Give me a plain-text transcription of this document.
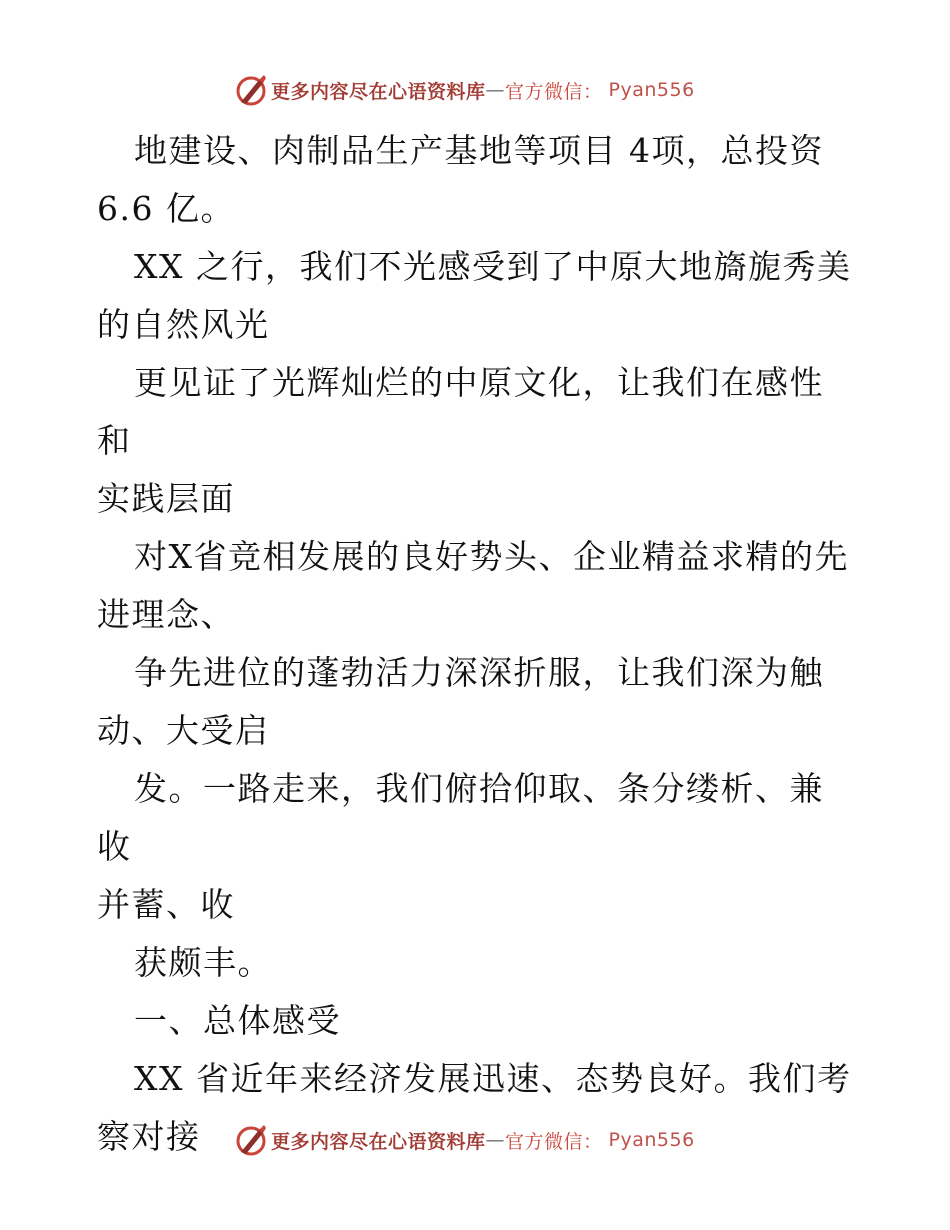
更多内容尽在心语资料库 — 官方微信： Pyan556

地建设、肉制品生产基地等项目 4项，总投资

6.6 亿。

XX 之行，我们不光感受到了中原大地旖旎秀美

的自然风光

更见证了光辉灿烂的中原文化，让我们在感性和

实践层面

对X省竞相发展的良好势头、企业精益求精的先

进理念、

争先进位的蓬勃活力深深折服，让我们深为触

动、大受启

发。一路走来，我们俯拾仰取、条分缕析、兼收

并蓄、收

获颇丰。

一、总体感受

XX 省近年来经济发展迅速、态势良好。我们考

察对接	更多内容尽在心语资料库 — 官方微信： Pyan556
